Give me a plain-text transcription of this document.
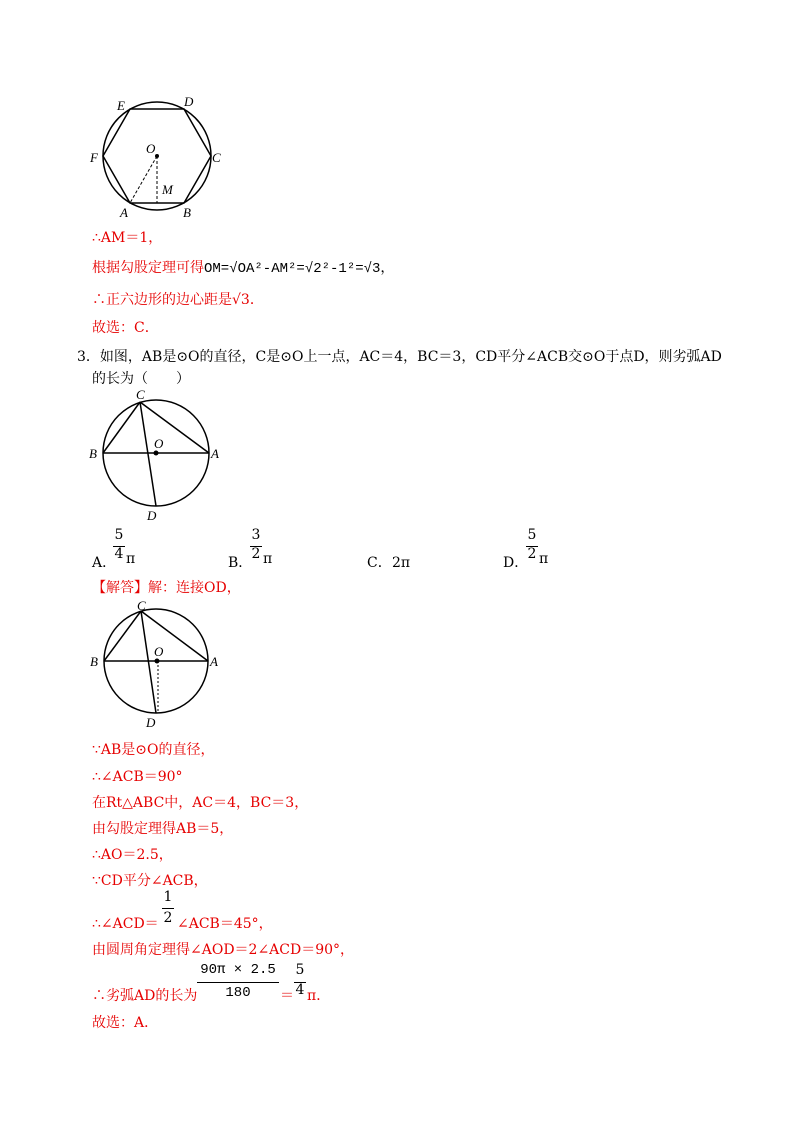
E	D
F
O
C
M
A	B
∴AM＝1，
根据勾股定理可得OM=√OA²-AM²=√2²-1²=√3，
∴正六边形的边心距是√3．
故选：C．
3．如图，AB是⊙O的直径，C是⊙O上一点，AC＝4，BC＝3，CD平分∠ACB交⊙O于点D，则劣弧AD
的长为（　　）
C
B
O
A
D
A．
5
4 π	B．
3
2 π	C． 2π	D．
5
2 π
【解答】解：连接OD，
C
B
O
A
D
∵AB是⊙O的直径，
∴∠ACB＝90°
在Rt△ABC中，AC＝4，BC＝3，
由勾股定理得AB＝5，
∴AO＝2.5，
∵CD平分∠ACB，
∴∠ACD＝
1
2 ∠ACB＝45°，
由圆周角定理得∠AOD＝2∠ACD＝90°，
∴劣弧AD的长为
90π × 2.5
180	＝
5
4 π．
故选：A．
